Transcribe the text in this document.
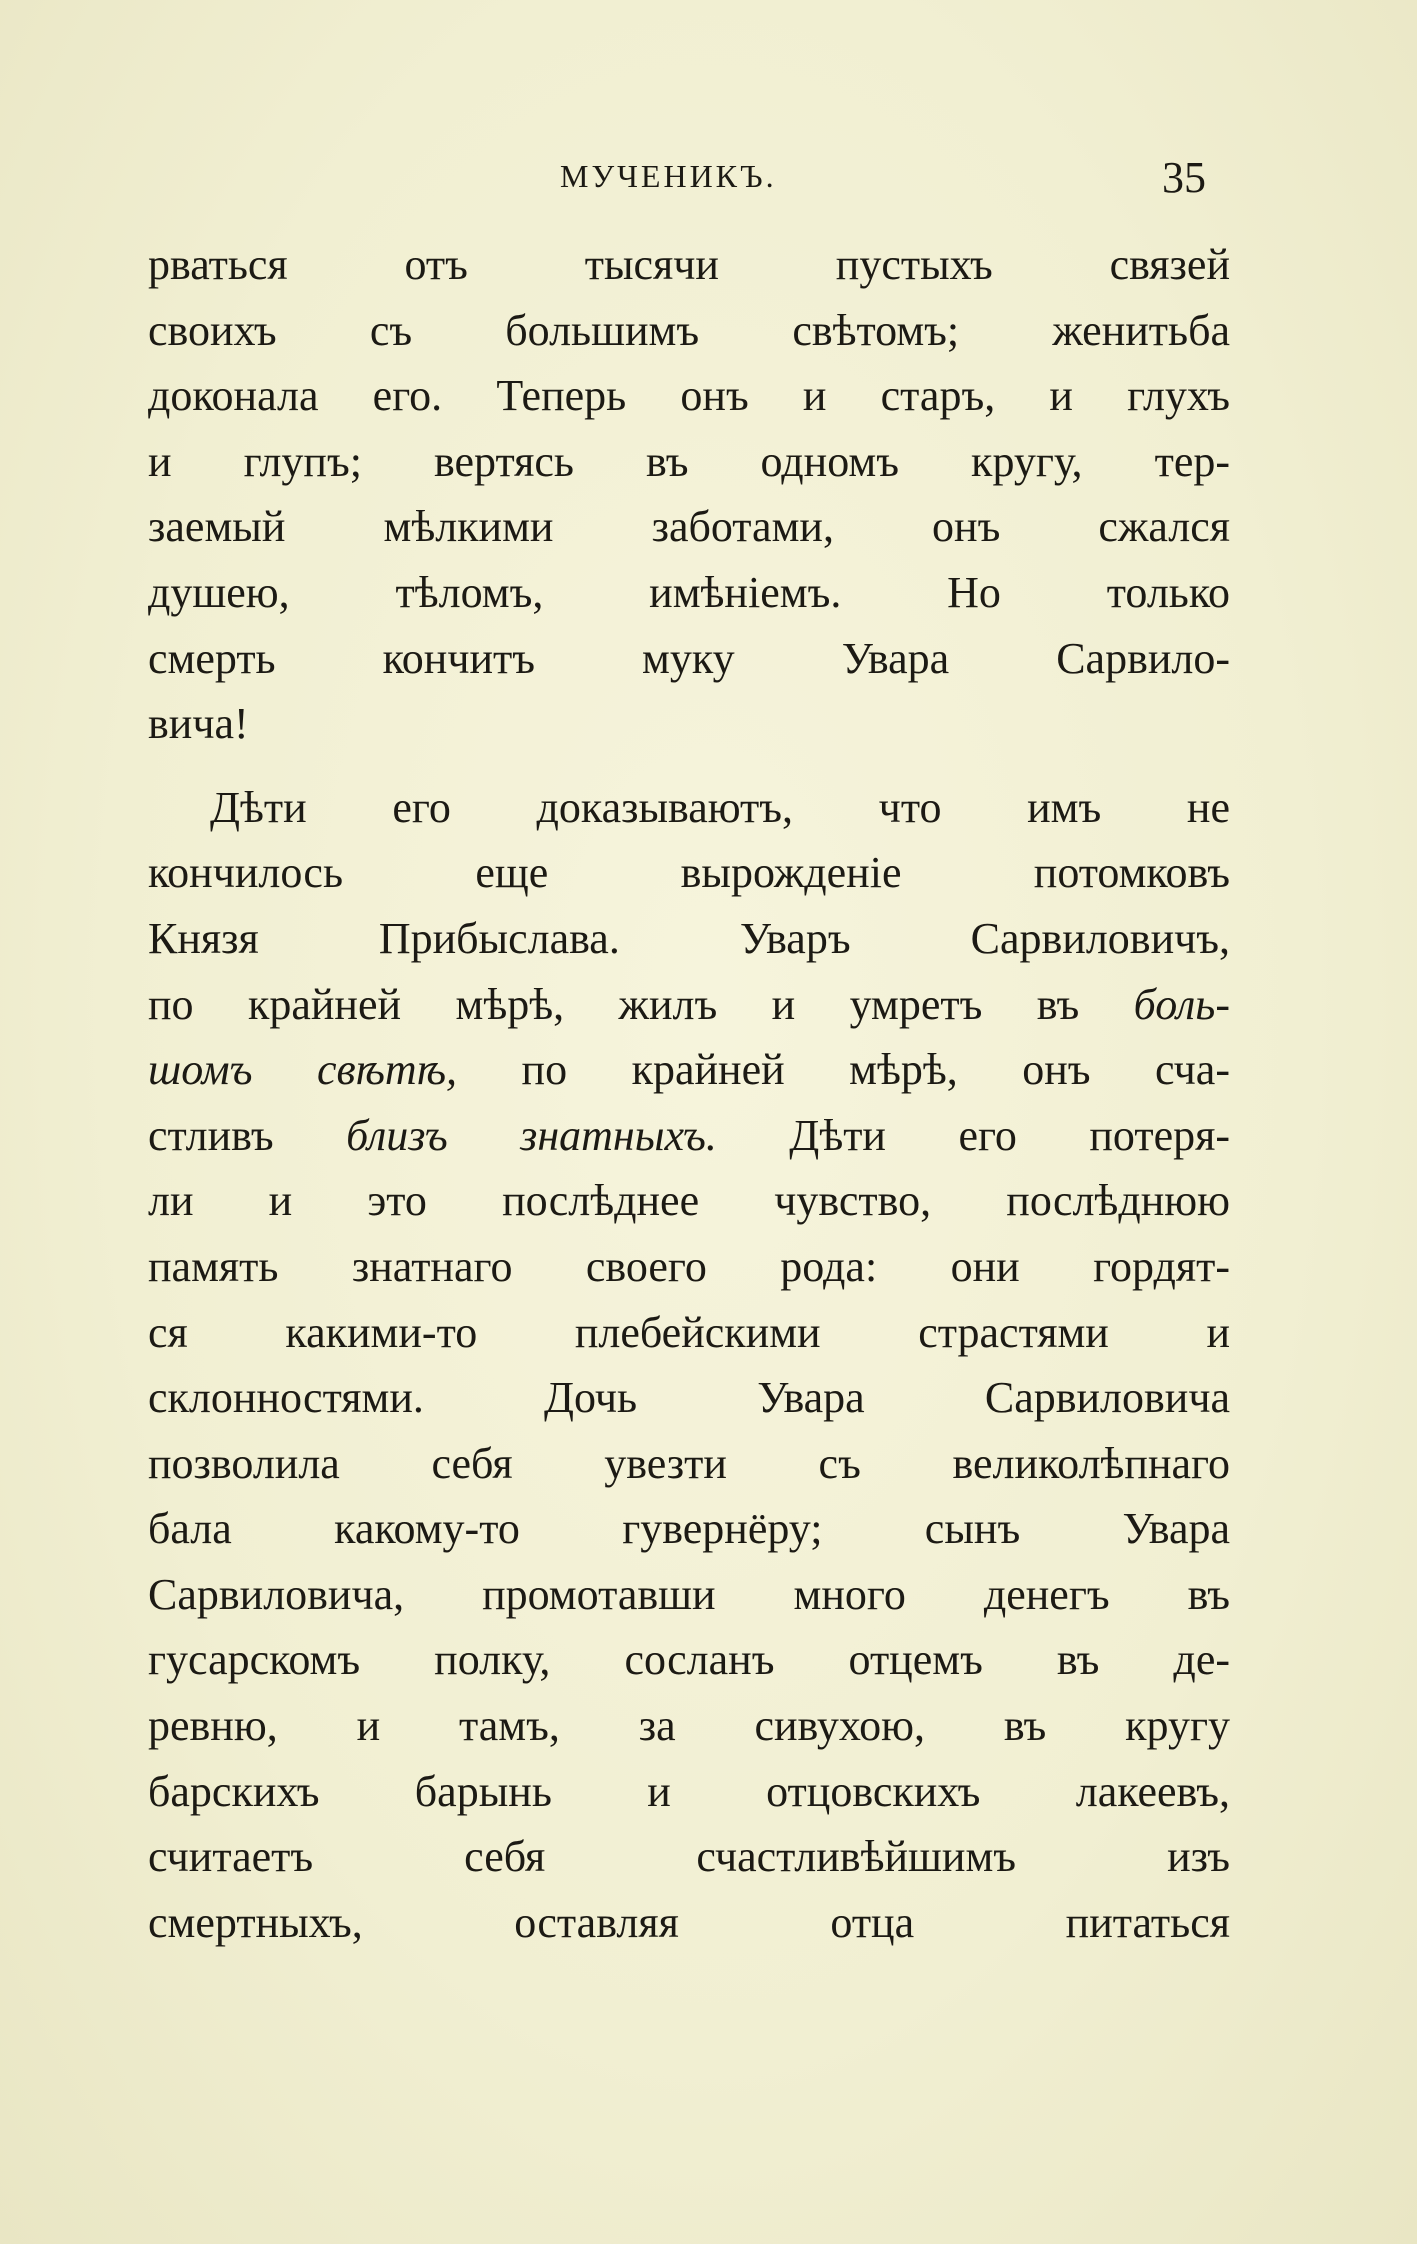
МУЧЕНИКЪ.	35
рваться отъ тысячи пустыхъ связей
своихъ съ большимъ свѣтомъ; женитьба
доконала его. Теперь онъ и старъ, и глухъ
и глупъ; вертясь въ одномъ кругу, тер-
заемый мѣлкими заботами, онъ сжался
душею, тѣломъ, имѣніемъ. Но только
смерть кончитъ муку Увара Сарвило-
вича!
Дѣти его доказываютъ, что имъ не
кончилось еще вырожденіе потомковъ
Князя Прибыслава. Уваръ Сарвиловичъ,
по крайней мѣрѣ, жилъ и умретъ въ боль-
шомъ свѣтѣ, по крайней мѣрѣ, онъ сча-
стливъ близъ знатныхъ. Дѣти его потеря-
ли и это послѣднее чувство, послѣднюю
память знатнаго своего рода: они гордят-
ся какими-то плебейскими страстями и
склонностями. Дочь Увара Сарвиловича
позволила себя увезти съ великолѣпнаго
бала какому-то гувернёру; сынъ Увара
Сарвиловича, промотавши много денегъ въ
гусарскомъ полку, сосланъ отцемъ въ де-
ревню, и тамъ, за сивухою, въ кругу
барскихъ барынь и отцовскихъ лакеевъ,
считаетъ себя счастливѣйшимъ изъ
смертныхъ, оставляя отца питаться
